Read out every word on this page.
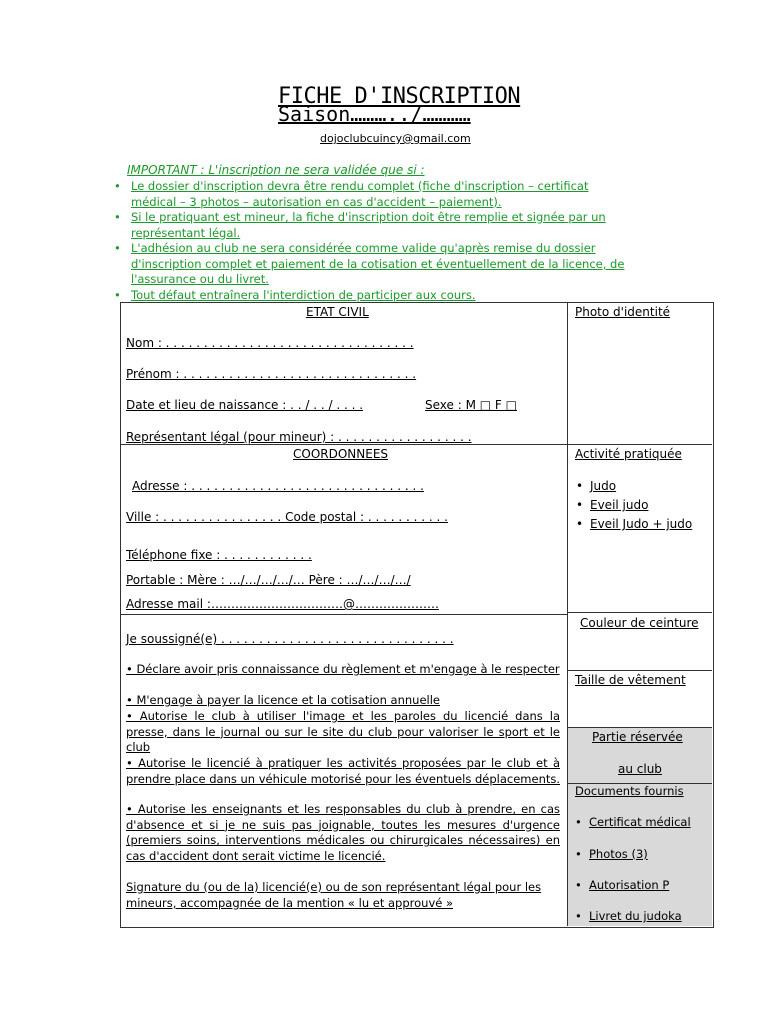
FICHE D'INSCRIPTION
Saison………../…………
dojoclubcuincy@gmail.com
IMPORTANT : L'inscription ne sera validée que si :
• Le dossier d'inscription devra être rendu complet (fiche d'inscription – certificat
médical – 3 photos – autorisation en cas d'accident – paiement).
• Si le pratiquant est mineur, la fiche d'inscription doit être remplie et signée par un
représentant légal.
• L'adhésion au club ne sera considérée comme valide qu'après remise du dossier
d'inscription complet et paiement de la cotisation et éventuellement de la licence, de
l'assurance ou du livret.
• Tout défaut entraînera l'interdiction de participer aux cours.
ETAT CIVIL
Nom : . . . . . . . . . . . . . . . . . . . . . . . . . . . . . . . . .
Prénom : . . . . . . . . . . . . . . . . . . . . . . . . . . . . . . .
Date et lieu de naissance : . . / . . / . . . .	Sexe : M □ F □
Représentant légal (pour mineur) : . . . . . . . . . . . . . . . . . .
Photo d'identité
COORDONNEES
Adresse : . . . . . . . . . . . . . . . . . . . . . . . . . . . . . . .
Ville : . . . . . . . . . . . . . . . . Code postal : . . . . . . . . . . .
Téléphone fixe : . . . . . . . . . . . .
Portable : Mère : …/…/…/…/… Père : …/…/…/…/
Adresse mail :……………………………@…………………
Activité pratiquée
• Judo
• Eveil judo
• Eveil Judo + judo
Je soussigné(e) . . . . . . . . . . . . . . . . . . . . . . . . . . . . . . .
• Déclare avoir pris connaissance du règlement et m'engage à le respecter
• M'engage à payer la licence et la cotisation annuelle
• Autorise le club à utiliser l'image et les paroles du licencié dans la presse, dans le journal ou sur le site du club pour valoriser le sport et le club
• Autorise le licencié à pratiquer les activités proposées par le club et à prendre place dans un véhicule motorisé pour les éventuels déplacements.
• Autorise les enseignants et les responsables du club à prendre, en cas d'absence et si je ne suis pas joignable, toutes les mesures d'urgence (premiers soins, interventions médicales ou chirurgicales nécessaires) en cas d'accident dont serait victime le licencié.
Signature du (ou de la) licencié(e) ou de son représentant légal pour les mineurs, accompagnée de la mention « lu et approuvé »
Couleur de ceinture
Taille de vêtement
Partie réservée
au club
Documents fournis
• Certificat médical
• Photos (3)
• Autorisation P
• Livret du judoka
